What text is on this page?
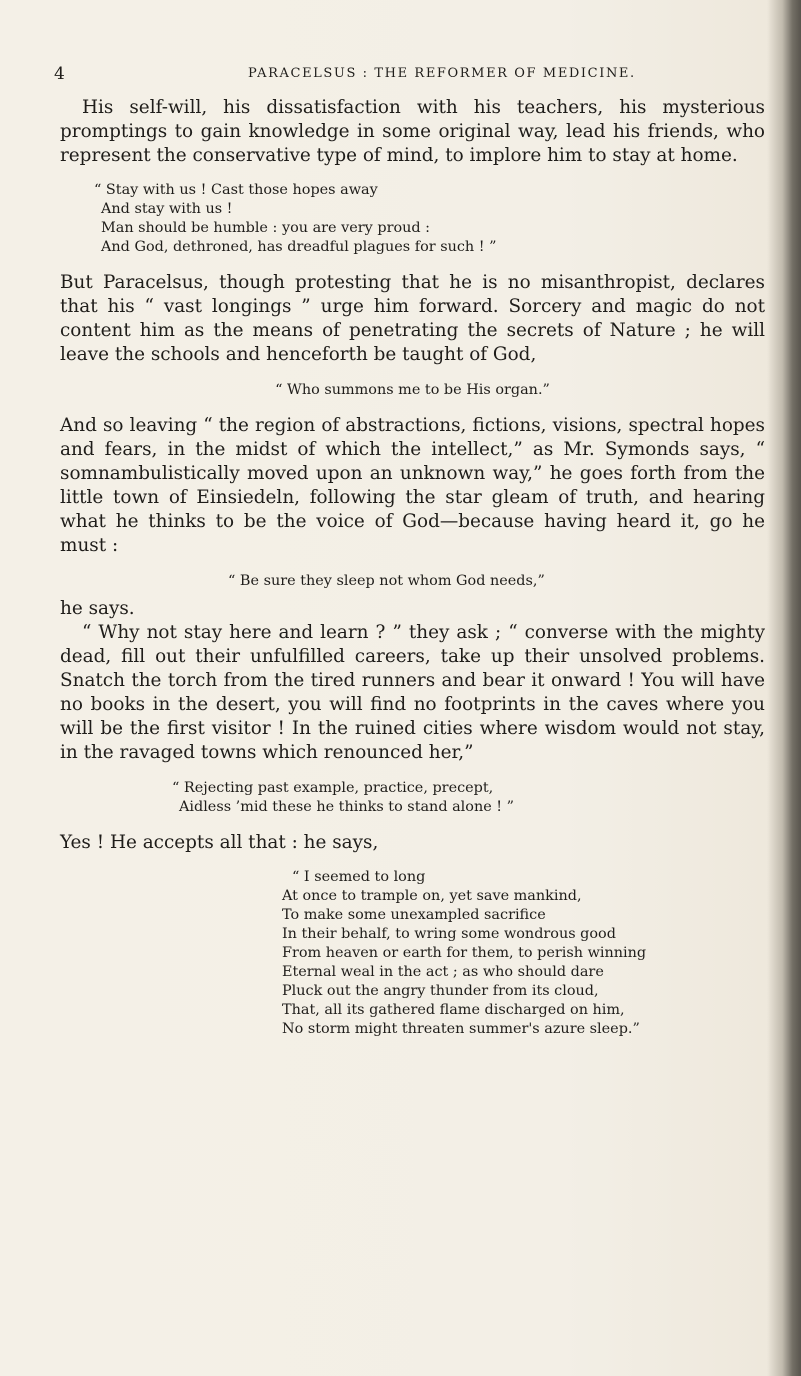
4	PARACELSUS : THE REFORMER OF MEDICINE.

His self-will, his dissatisfaction with his teachers, his mysterious promptings to gain knowledge in some original way, lead his friends, who represent the conservative type of mind, to implore him to stay at home.

“ Stay with us ! Cast those hopes away
And stay with us !
Man should be humble : you are very proud :
And God, dethroned, has dreadful plagues for such ! ”

But Paracelsus, though protesting that he is no misanthropist, declares that his “ vast longings ” urge him forward. Sorcery and magic do not content him as the means of penetrating the secrets of Nature ; he will leave the schools and henceforth be taught of God,

“ Who summons me to be His organ.”

And so leaving “ the region of abstractions, fictions, visions, spectral hopes and fears, in the midst of which the intellect,” as Mr. Symonds says, “ somnambulistically moved upon an unknown way,” he goes forth from the little town of Einsiedeln, following the star gleam of truth, and hearing what he thinks to be the voice of God—because having heard it, go he must :

“ Be sure they sleep not whom God needs,”

he says.

“ Why not stay here and learn ? ” they ask ; “ converse with the mighty dead, fill out their unfulfilled careers, take up their unsolved problems. Snatch the torch from the tired runners and bear it onward ! You will have no books in the desert, you will find no footprints in the caves where you will be the first visitor ! In the ruined cities where wisdom would not stay, in the ravaged towns which renounced her,”

“ Rejecting past example, practice, precept,
Aidless ’mid these he thinks to stand alone ! ”

Yes ! He accepts all that : he says,

“ I seemed to long
At once to trample on, yet save mankind,
To make some unexampled sacrifice
In their behalf, to wring some wondrous good
From heaven or earth for them, to perish winning
Eternal weal in the act ; as who should dare
Pluck out the angry thunder from its cloud,
That, all its gathered flame discharged on him,
No storm might threaten summer's azure sleep.”
